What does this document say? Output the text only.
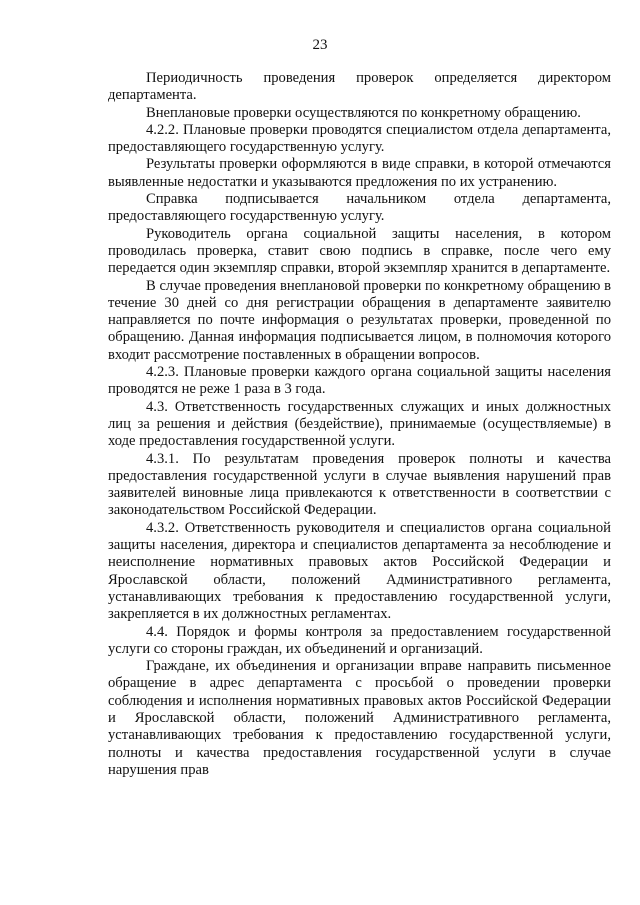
23

Периодичность проведения проверок определяется директором департамента.

Внеплановые проверки осуществляются по конкретному обращению.

4.2.2. Плановые проверки проводятся специалистом отдела департамента, предоставляющего государственную услугу.

Результаты проверки оформляются в виде справки, в которой отмечаются выявленные недостатки и указываются предложения по их устранению.

Справка подписывается начальником отдела департамента, предоставляющего государственную услугу.

Руководитель органа социальной защиты населения, в котором проводилась проверка, ставит свою подпись в справке, после чего ему передается один экземпляр справки, второй экземпляр хранится в департаменте.

В случае проведения внеплановой проверки по конкретному обращению в течение 30 дней со дня регистрации обращения в департаменте заявителю направляется по почте информация о результатах проверки, проведенной по обращению. Данная информация подписывается лицом, в полномочия которого входит рассмотрение поставленных в обращении вопросов.

4.2.3. Плановые проверки каждого органа социальной защиты населения проводятся не реже 1 раза в 3 года.

4.3. Ответственность государственных служащих и иных должностных лиц за решения и действия (бездействие), принимаемые (осуществляемые) в ходе предоставления государственной услуги.

4.3.1. По результатам проведения проверок полноты и качества предоставления государственной услуги в случае выявления нарушений прав заявителей виновные лица привлекаются к ответственности в соответствии с законодательством Российской Федерации.

4.3.2. Ответственность руководителя и специалистов органа социальной защиты населения, директора и специалистов департамента за несоблюдение и неисполнение нормативных правовых актов Российской Федерации и Ярославской области, положений Административного регламента, устанавливающих требования к предоставлению государственной услуги, закрепляется в их должностных регламентах.

4.4. Порядок и формы контроля за предоставлением государственной услуги со стороны граждан, их объединений и организаций.

Граждане, их объединения и организации вправе направить письменное обращение в адрес департамента с просьбой о проведении проверки соблюдения и исполнения нормативных правовых актов Российской Федерации и Ярославской области, положений Административного регламента, устанавливающих требования к предоставлению государственной услуги, полноты и качества предоставления государственной услуги в случае нарушения прав
